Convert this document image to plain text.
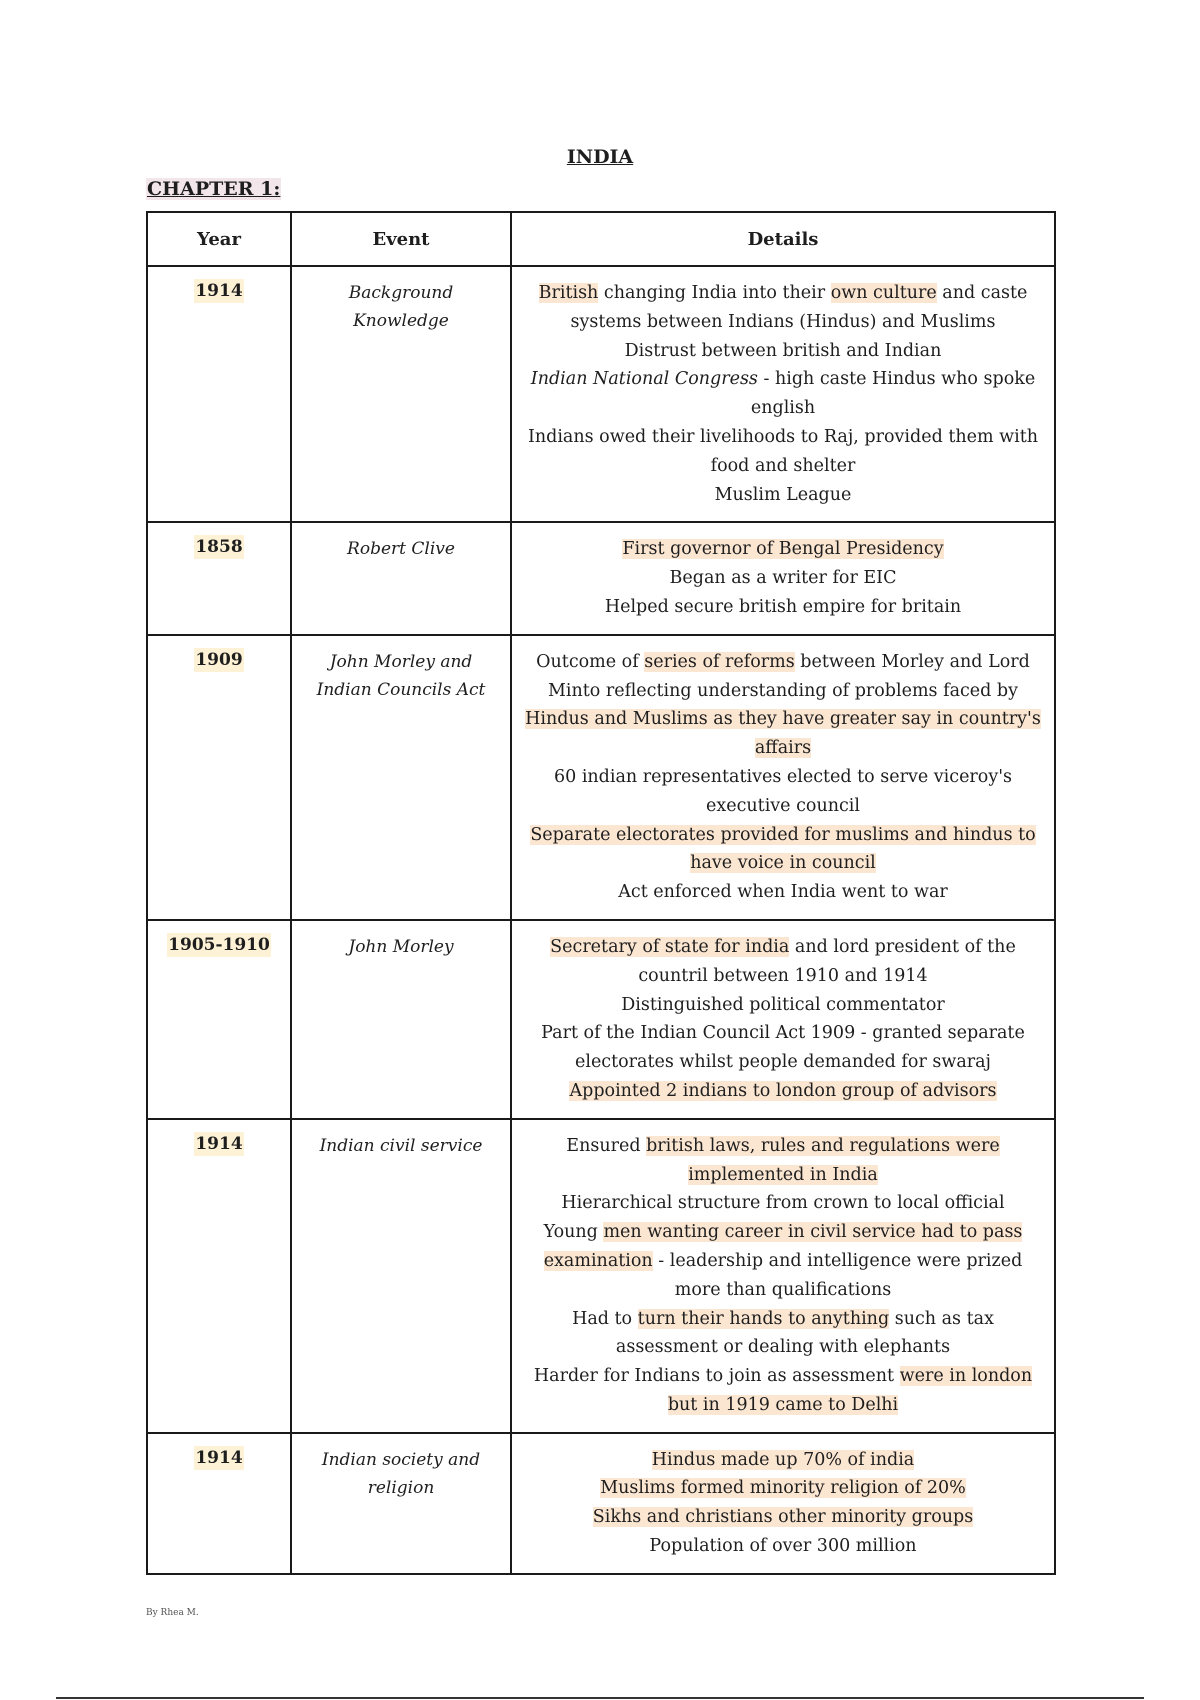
INDIA
CHAPTER 1:
Year	Event	Details
1914	Background Knowledge	British changing India into their own culture and caste systems between Indians (Hindus) and Muslims
Distrust between british and Indian
Indian National Congress - high caste Hindus who spoke english
Indians owed their livelihoods to Raj, provided them with food and shelter
Muslim League

1858	Robert Clive	First governor of Bengal Presidency
Began as a writer for EIC
Helped secure british empire for britain

1909	John Morley and Indian Councils Act	Outcome of series of reforms between Morley and Lord Minto reflecting understanding of problems faced by Hindus and Muslims as they have greater say in country's affairs
60 indian representatives elected to serve viceroy's executive council
Separate electorates provided for muslims and hindus to have voice in council
Act enforced when India went to war

1905-1910	John Morley	Secretary of state for india and lord president of the countril between 1910 and 1914
Distinguished political commentator
Part of the Indian Council Act 1909 - granted separate electorates whilst people demanded for swaraj
Appointed 2 indians to london group of advisors

1914	Indian civil service	Ensured british laws, rules and regulations were implemented in India
Hierarchical structure from crown to local official
Young men wanting career in civil service had to pass examination - leadership and intelligence were prized more than qualifications
Had to turn their hands to anything such as tax assessment or dealing with elephants
Harder for Indians to join as assessment were in london but in 1919 came to Delhi

1914	Indian society and religion	Hindus made up 70% of india
Muslims formed minority religion of 20%
Sikhs and christians other minority groups
Population of over 300 million
By Rhea M.
